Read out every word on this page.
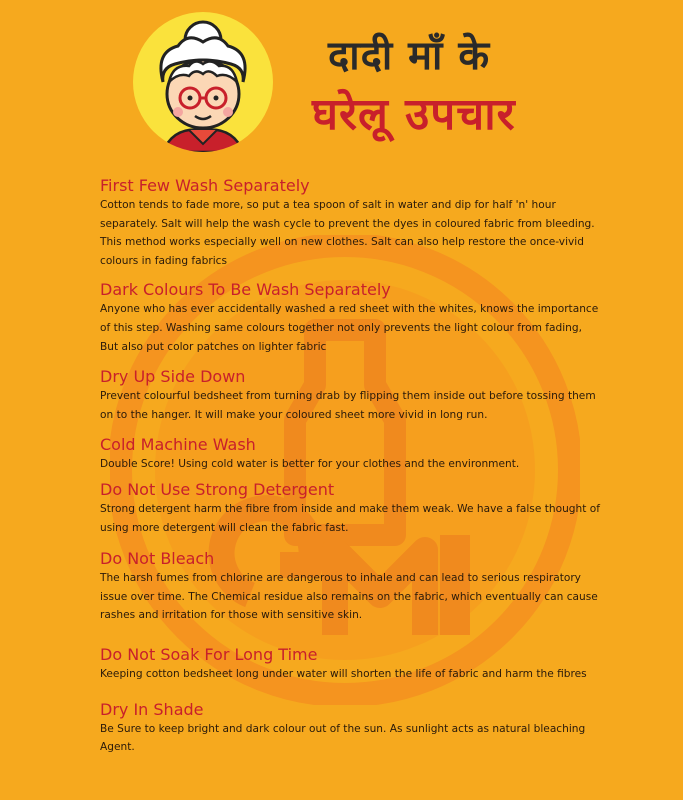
दादी माँ के
घरेलू उपचार
First Few Wash Separately
Cotton tends to fade more, so put a tea spoon of salt in water and dip for half 'n' hour separately. Salt will help the wash cycle to prevent the dyes in coloured fabric from bleeding. This method works especially well on new clothes. Salt can also help restore the once-vivid colours in fading fabrics
Dark Colours To Be Wash Separately
Anyone who has ever accidentally washed a red sheet with the whites, knows the importance of this step. Washing same colours together not only prevents the light colour from fading, But also put color patches on lighter fabric
Dry Up Side Down
Prevent colourful bedsheet from turning drab by flipping them inside out before tossing them on to the hanger. It will make your coloured sheet more vivid in long run.
Cold Machine Wash
Double Score! Using cold water is better for your clothes and the environment.
Do Not Use Strong Detergent
Strong detergent harm the fibre from inside and make them weak. We have a false thought of using more detergent will clean the fabric fast.
Do Not Bleach
The harsh fumes from chlorine are dangerous to inhale and can lead to serious respiratory issue over time. The Chemical residue also remains on the fabric, which eventually can cause rashes and irritation for those with sensitive skin.
Do Not Soak For Long Time
Keeping cotton bedsheet long under water will shorten the life of fabric and harm the fibres
Dry In Shade
Be Sure to keep bright and dark colour out of the sun. As sunlight acts as natural bleaching Agent.
